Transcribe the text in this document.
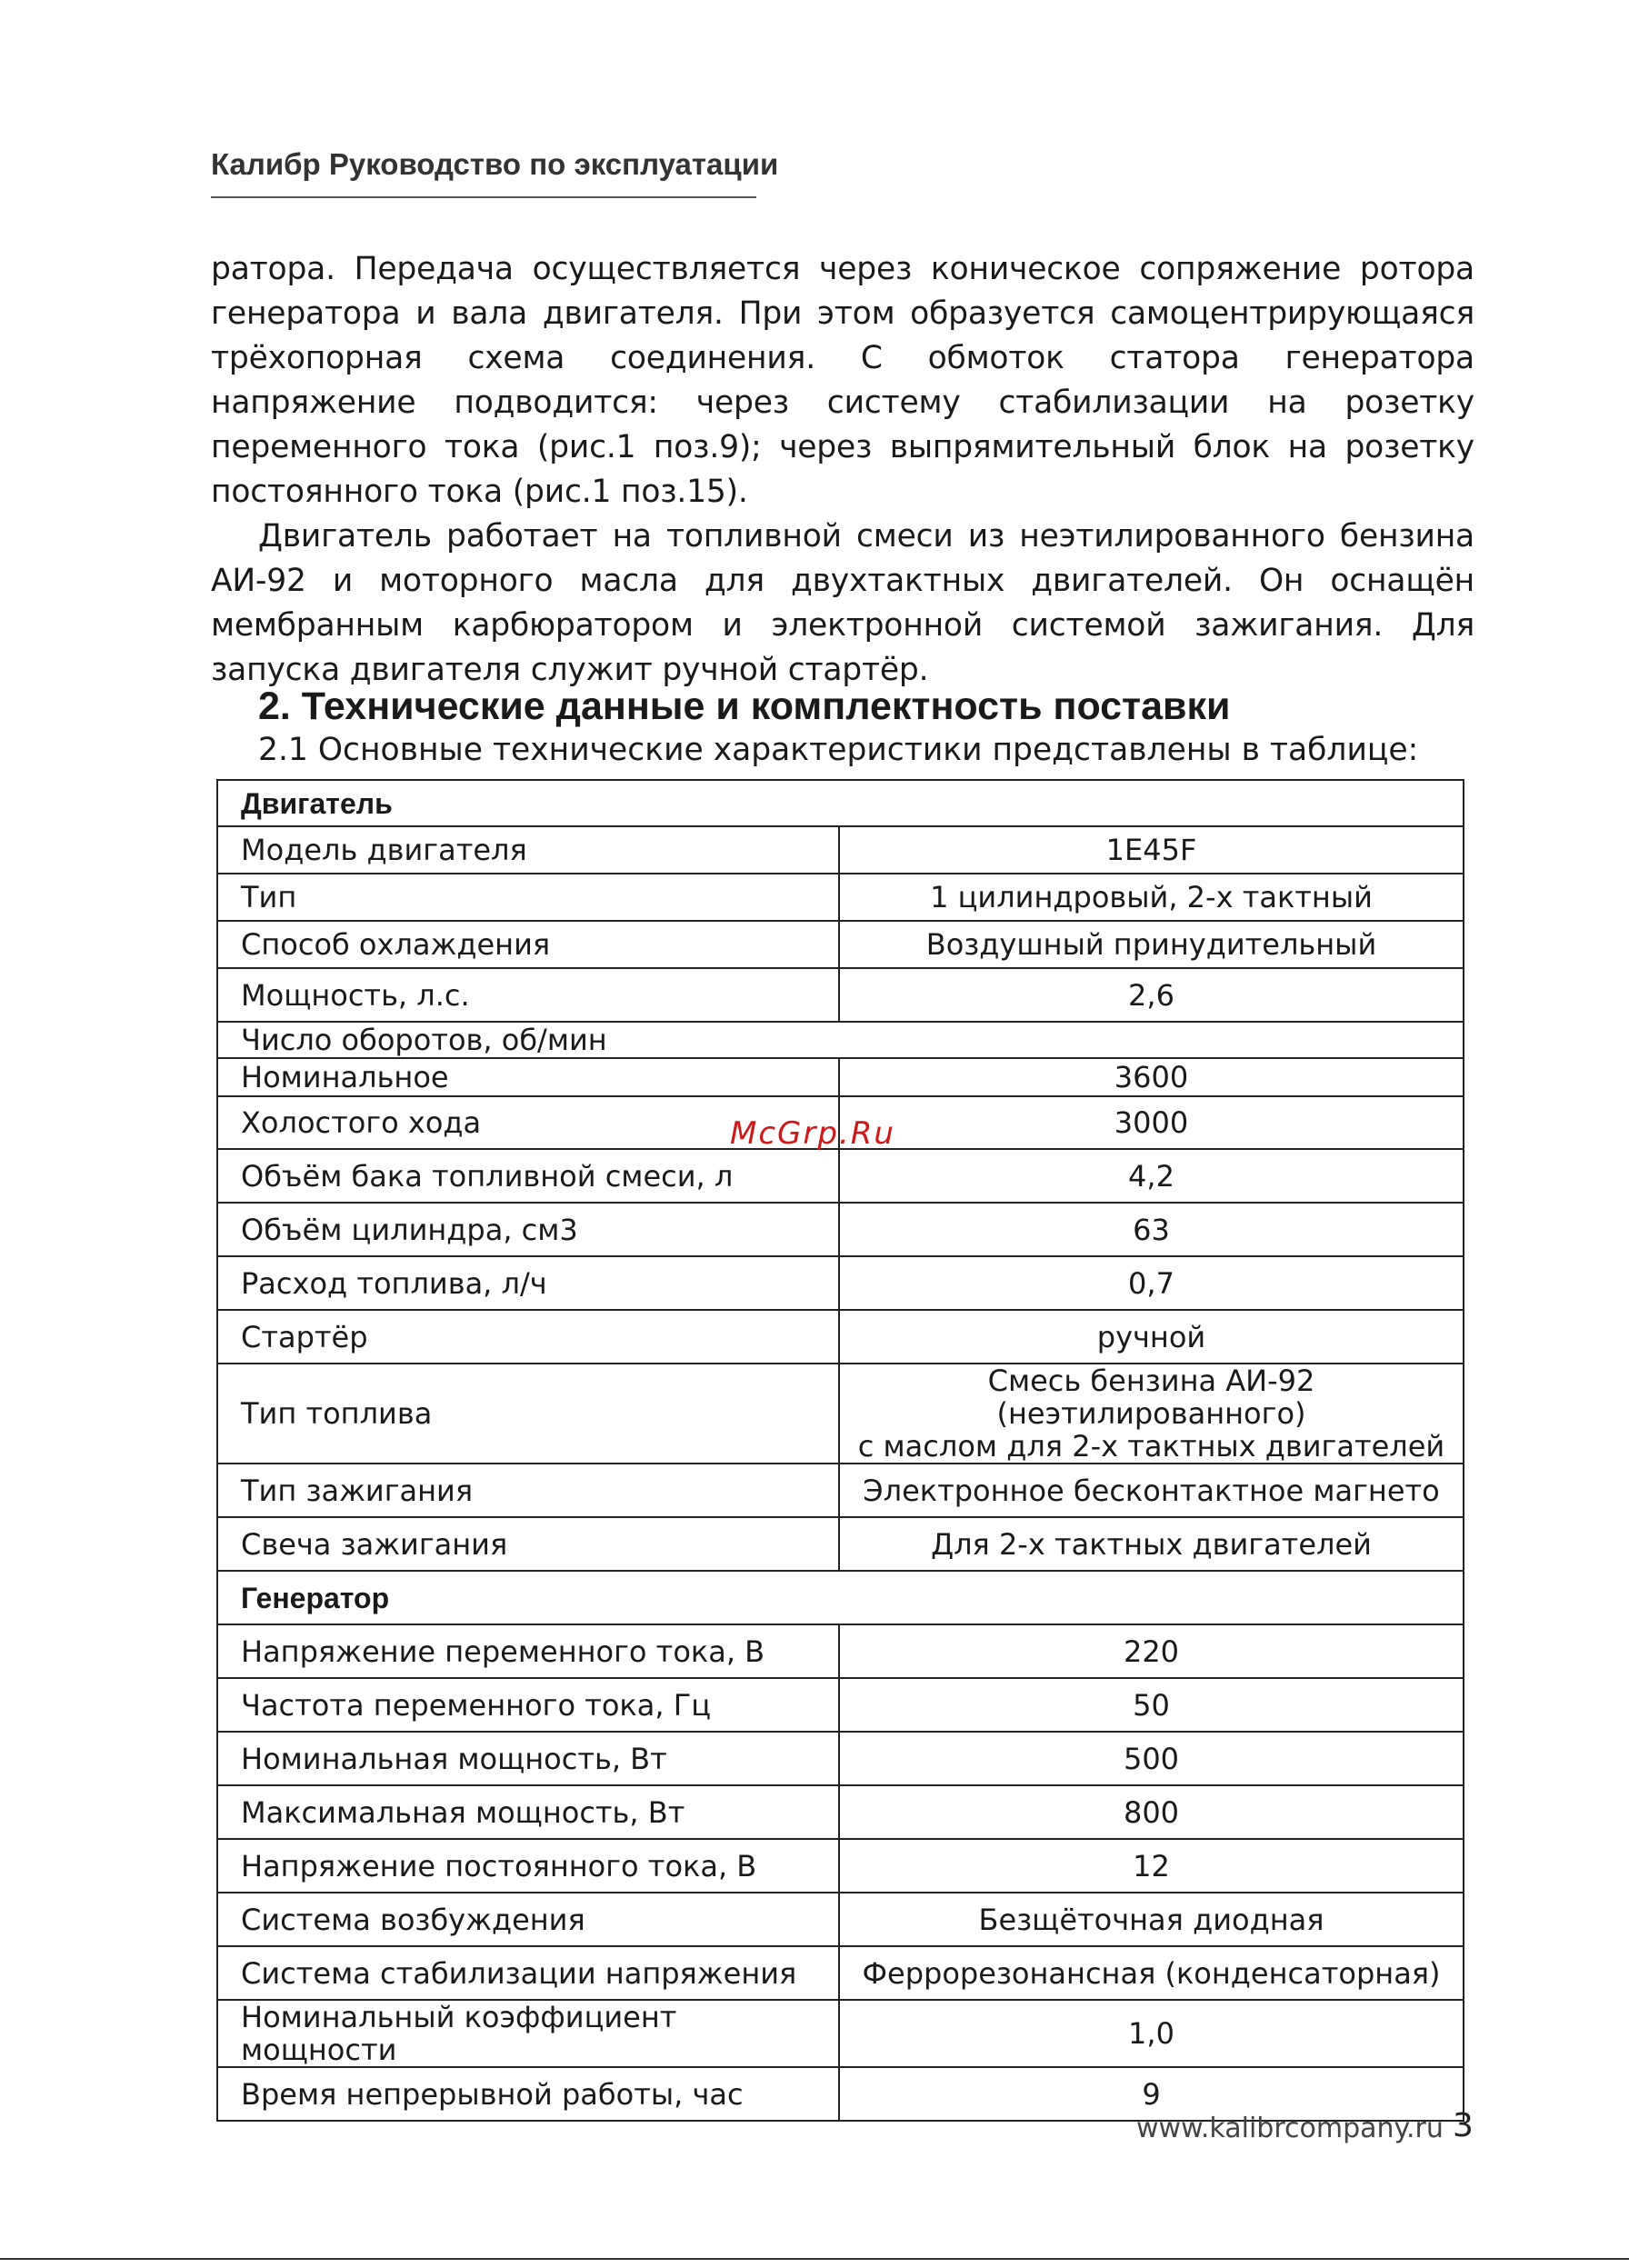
Калибр Руководство по эксплуатации

ратора. Передача осуществляется через коническое сопряжение ротора генератора и вала двигателя. При этом образуется самоцентрирующаяся трёхопорная схема соединения. С обмоток статора генератора напряжение подводится: через систему стабилизации на розетку переменного тока (рис.1 поз.9); через выпрямительный блок на розетку постоянного тока (рис.1 поз.15).

Двигатель работает на топливной смеси из неэтилированного бензина АИ-92 и моторного масла для двухтактных двигателей. Он оснащён мембранным карбюратором и электронной системой зажигания. Для запуска двигателя служит ручной стартёр.

2. Технические данные и комплектность поставки
2.1 Основные технические характеристики представлены в таблице:
Двигатель	
Модель двигателя	1E45F
Тип	1 цилиндровый, 2-х тактный
Способ охлаждения	Воздушный принудительный
Мощность, л.с.	2,6
Число оборотов, об/мин	
Номинальное	3600
Холостого хода	3000
Объём бака топливной смеси, л	4,2
Объём цилиндра, см3	63
Расход топлива, л/ч	0,7
Стартёр	ручной
Тип топлива	Смесь бензина АИ-92 (неэтилированного)
с маслом для 2-х тактных двигателей

Тип зажигания	Электронное бесконтактное магнето
Свеча зажигания	Для 2-х тактных двигателей
Генератор	
Напряжение переменного тока, В	220
Частота переменного тока, Гц	50
Номинальная мощность, Вт	500
Максимальная мощность, Вт	800
Напряжение постоянного тока, В	12
Система возбуждения	Безщёточная диодная
Система стабилизации напряжения	Феррорезонансная (конденсаторная)
Номинальный коэффициент мощности	1,0
Время непрерывной работы, час	9
McGrp.Ru
www.kalibrcompany.ru 3
